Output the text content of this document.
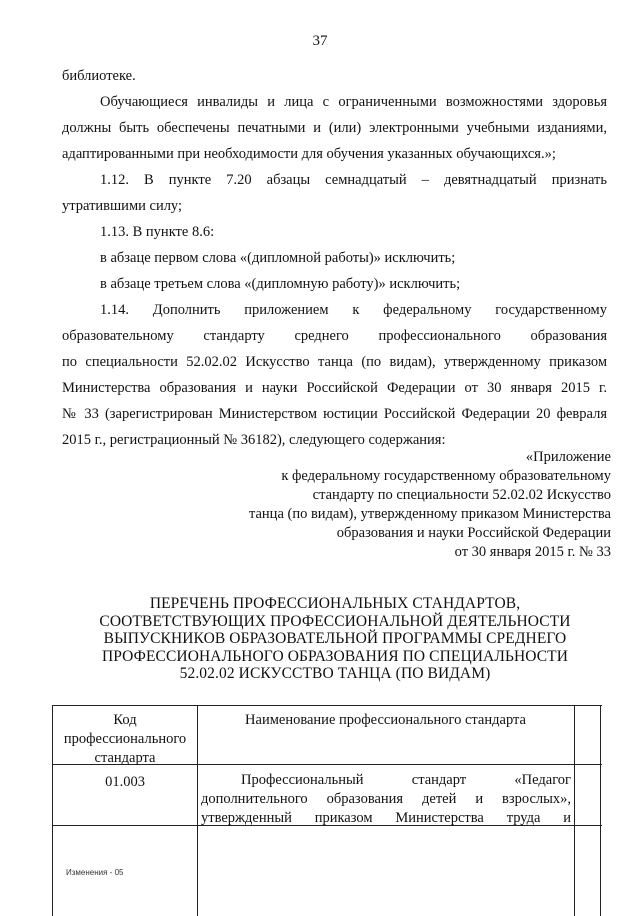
37
библиотеке.
Обучающиеся инвалиды и лица с ограниченными возможностями здоровья
должны быть обеспечены печатными и (или) электронными учебными изданиями,
адаптированными при необходимости для обучения указанных обучающихся.»;
1.12. В пункте 7.20 абзацы семнадцатый – девятнадцатый признать
утратившими силу;
1.13. В пункте 8.6:
в абзаце первом слова «(дипломной работы)» исключить;
в абзаце третьем слова «(дипломную работу)» исключить;
1.14. Дополнить приложением к федеральному государственному
образовательному стандарту среднего профессионального образования
по специальности 52.02.02 Искусство танца (по видам), утвержденному приказом
Министерства образования и науки Российской Федерации от 30 января 2015 г.
№ 33 (зарегистрирован Министерством юстиции Российской Федерации 20 февраля
2015 г., регистрационный № 36182), следующего содержания:
«Приложение
к федеральному государственному образовательному
стандарту по специальности 52.02.02 Искусство
танца (по видам), утвержденному приказом Министерства
образования и науки Российской Федерации
от 30 января 2015 г. № 33
ПЕРЕЧЕНЬ ПРОФЕССИОНАЛЬНЫХ СТАНДАРТОВ,
СООТВЕТСТВУЮЩИХ ПРОФЕССИОНАЛЬНОЙ ДЕЯТЕЛЬНОСТИ
ВЫПУСКНИКОВ ОБРАЗОВАТЕЛЬНОЙ ПРОГРАММЫ СРЕДНЕГО
ПРОФЕССИОНАЛЬНОГО ОБРАЗОВАНИЯ ПО СПЕЦИАЛЬНОСТИ
52.02.02 ИСКУССТВО ТАНЦА (ПО ВИДАМ)
Код
профессионального
стандарта
Наименование профессионального стандарта
01.003	Профессиональный стандарт «Педагог
дополнительного образования детей и взрослых»,
утвержденный приказом Министерства труда и
Изменения - 05
